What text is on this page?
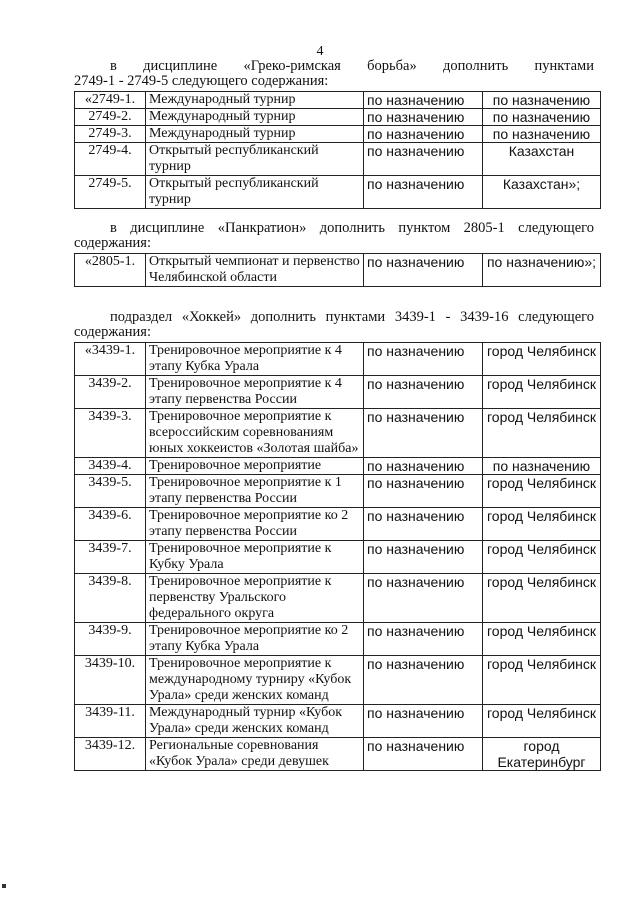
4
в дисциплине «Греко-римская борьба» дополнить пунктами
2749-1 - 2749-5 следующего содержания:
«2749-1.	Международный турнир	по назначению	по назначению
2749-2.	Международный турнир	по назначению	по назначению
2749-3.	Международный турнир	по назначению	по назначению
2749-4.	Открытый республиканский турнир	по назначению	Казахстан
2749-5.	Открытый республиканский турнир	по назначению	Казахстан»;
в дисциплине «Панкратион» дополнить пунктом 2805-1 следующего
содержания:
«2805-1.	Открытый чемпионат и первенство Челябинской области	по назначению	по назначению»;
подраздел «Хоккей» дополнить пунктами 3439-1 - 3439-16 следующего
содержания:
«3439-1.	Тренировочное мероприятие к 4 этапу Кубка Урала	по назначению	город Челябинск
3439-2.	Тренировочное мероприятие к 4 этапу первенства России	по назначению	город Челябинск
3439-3.	Тренировочное мероприятие к всероссийским соревнованиям юных хоккеистов «Золотая шайба»	по назначению	город Челябинск
3439-4.	Тренировочное мероприятие	по назначению	по назначению
3439-5.	Тренировочное мероприятие к 1 этапу первенства России	по назначению	город Челябинск
3439-6.	Тренировочное мероприятие ко 2 этапу первенства России	по назначению	город Челябинск
3439-7.	Тренировочное мероприятие к Кубку Урала	по назначению	город Челябинск
3439-8.	Тренировочное мероприятие к первенству Уральского федерального округа	по назначению	город Челябинск
3439-9.	Тренировочное мероприятие ко 2 этапу Кубка Урала	по назначению	город Челябинск
3439-10.	Тренировочное мероприятие к международному турниру «Кубок Урала» среди женских команд	по назначению	город Челябинск
3439-11.	Международный турнир «Кубок Урала» среди женских команд	по назначению	город Челябинск
3439-12.	Региональные соревнования «Кубок Урала» среди девушек	по назначению	город Екатеринбург
